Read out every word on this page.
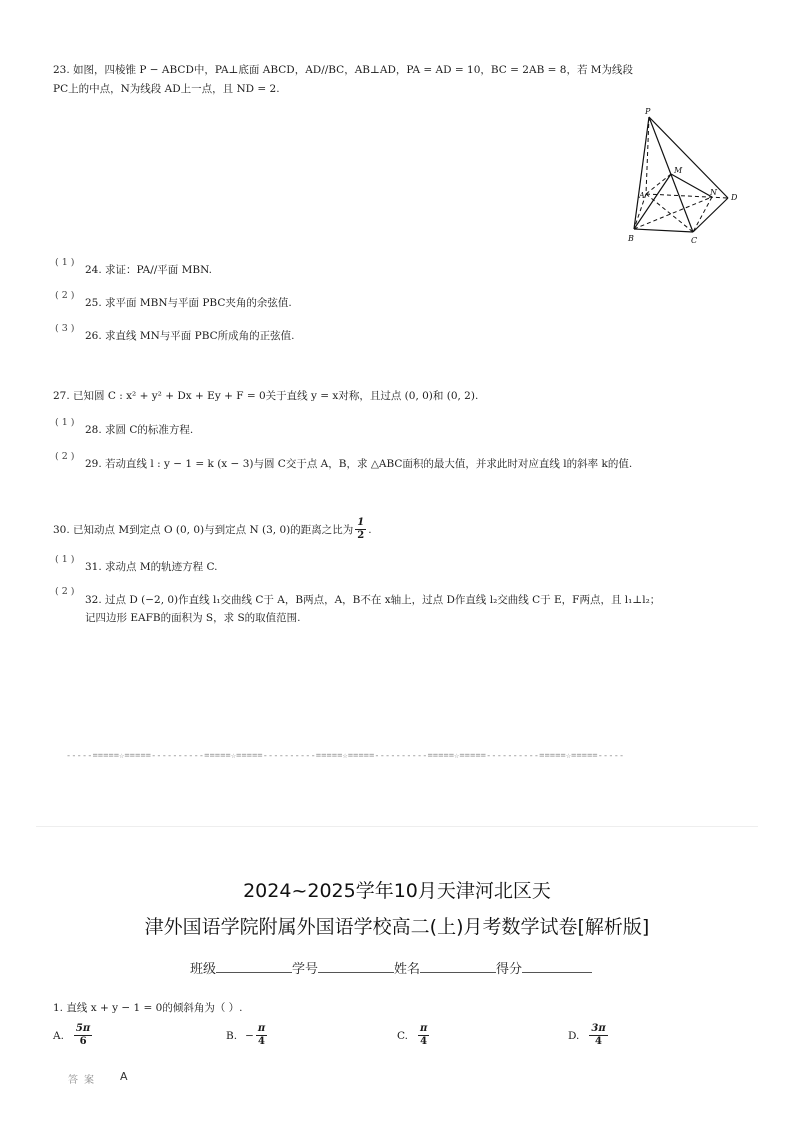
23. 如图，四棱锥 P − ABCD中，PA⊥底面 ABCD，AD//BC，AB⊥AD，PA = AD = 10，BC = 2AB = 8，若 M为线段
PC上的中点，N为线段 AD上一点，且 ND = 2.
P
M
A	N
D
B	C
( 1 )
24. 求证：PA//平面 MBN.
( 2 )
25. 求平面 MBN与平面 PBC夹角的余弦值.
( 3 )
26. 求直线 MN与平面 PBC所成角的正弦值.
27. 已知圆 C : x² + y² + Dx + Ey + F = 0关于直线 y = x对称，且过点 (0, 0)和 (0, 2).
( 1 )
28. 求圆 C的标准方程.
( 2 )
29. 若动直线 l : y − 1 = k (x − 3)与圆 C交于点 A，B，求 △ABC面积的最大值，并求此时对应直线 l的斜率 k的值.
30. 已知动点 M到定点 O (0, 0)与到定点 N (3, 0)的距离之比为 $\frac{1}{2}$ .
( 1 )
31. 求动点 M的轨迹方程 C.
( 2 )
32. 过点 D (−2, 0)作直线 l₁交曲线 C于 A，B两点，A，B不在 x轴上，过点 D作直线 l₂交曲线 C于 E，F两点，且 l₁⊥l₂；
记四边形 EAFB的面积为 S，求 S的取值范围.
-----=====☆=====----------=====☆=====----------=====☆=====----------=====☆=====----------=====☆=====-----
2024~2025学年10月天津河北区天
津外国语学院附属外国语学校高二(上)月考数学试卷[解析版]
班级	学号	姓名	得分
1. 直线 x + y − 1 = 0的倾斜角为（ ）.
A. $\frac{5\pi}{6}$	B. − $\frac{\pi}{4}$	C. $\frac{\pi}{4}$	D. $\frac{3\pi}{4}$
答案 A
